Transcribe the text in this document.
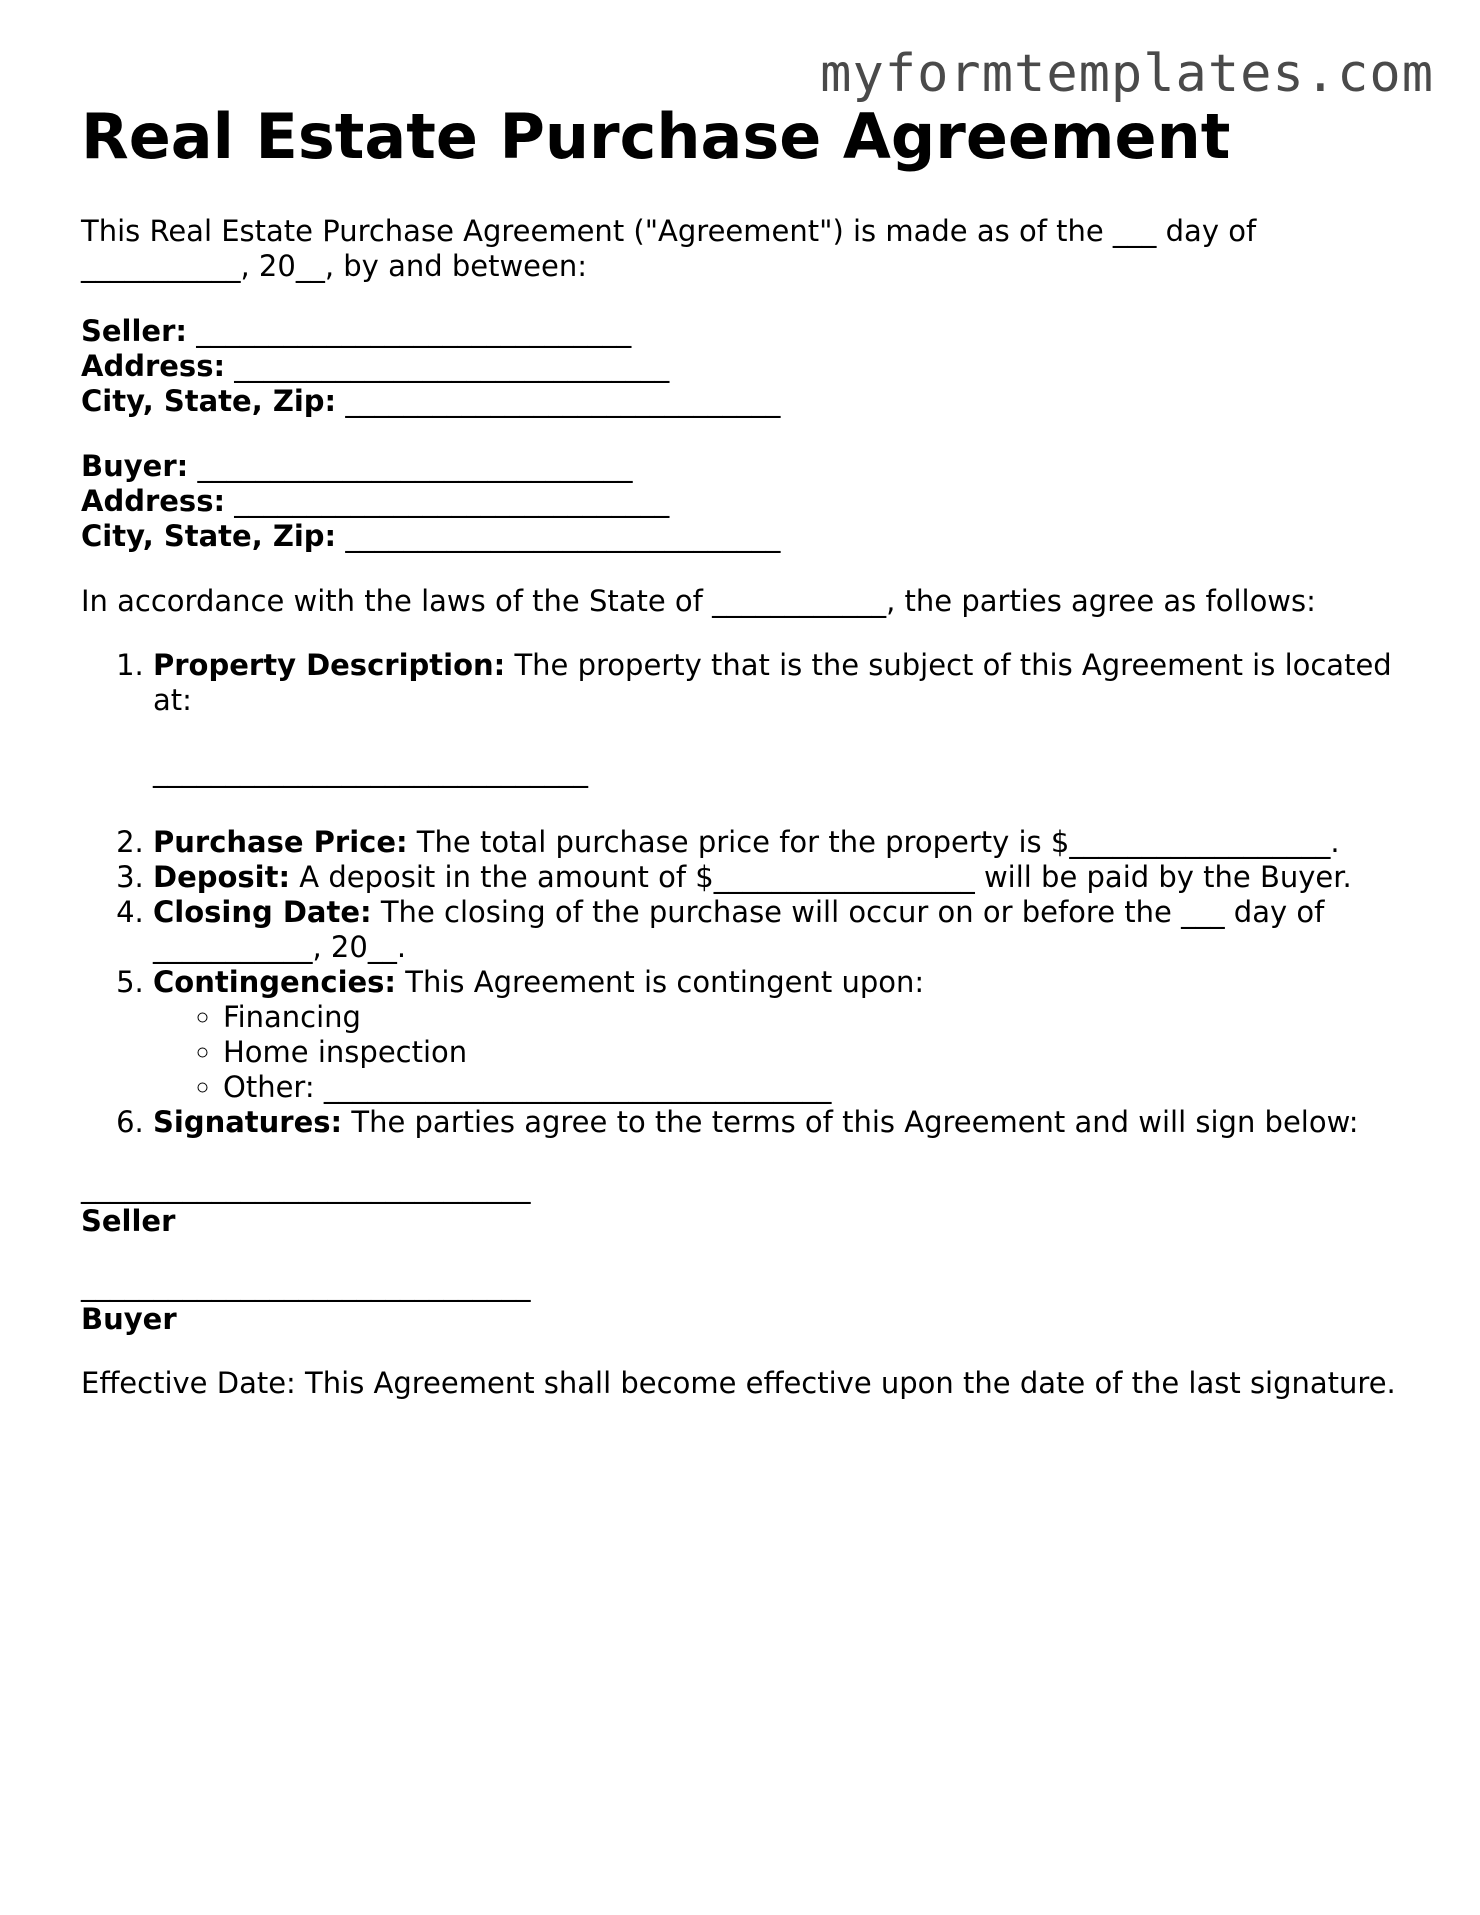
myformtemplates.com
Real Estate Purchase Agreement
This Real Estate Purchase Agreement ("Agreement") is made as of the ___ day of
___________, 20__, by and between:
Seller: ______________________________
Address: ______________________________
City, State, Zip: ______________________________
Buyer: ______________________________
Address: ______________________________
City, State, Zip: ______________________________

In accordance with the laws of the State of ____________, the parties agree as follows:

1. Property Description: The property that is the subject of this Agreement is located at:
______________________________
2. Purchase Price: The total purchase price for the property is $__________________.
3. Deposit: A deposit in the amount of $__________________ will be paid by the Buyer.
4. Closing Date: The closing of the purchase will occur on or before the ___ day of ___________, 20__.
5. Contingencies: This Agreement is contingent upon:
◦ Financing
◦ Home inspection
◦ Other: ___________________________________
6. Signatures: The parties agree to the terms of this Agreement and will sign below:
_______________________________
Seller
_______________________________
Buyer

Effective Date: This Agreement shall become effective upon the date of the last signature.
